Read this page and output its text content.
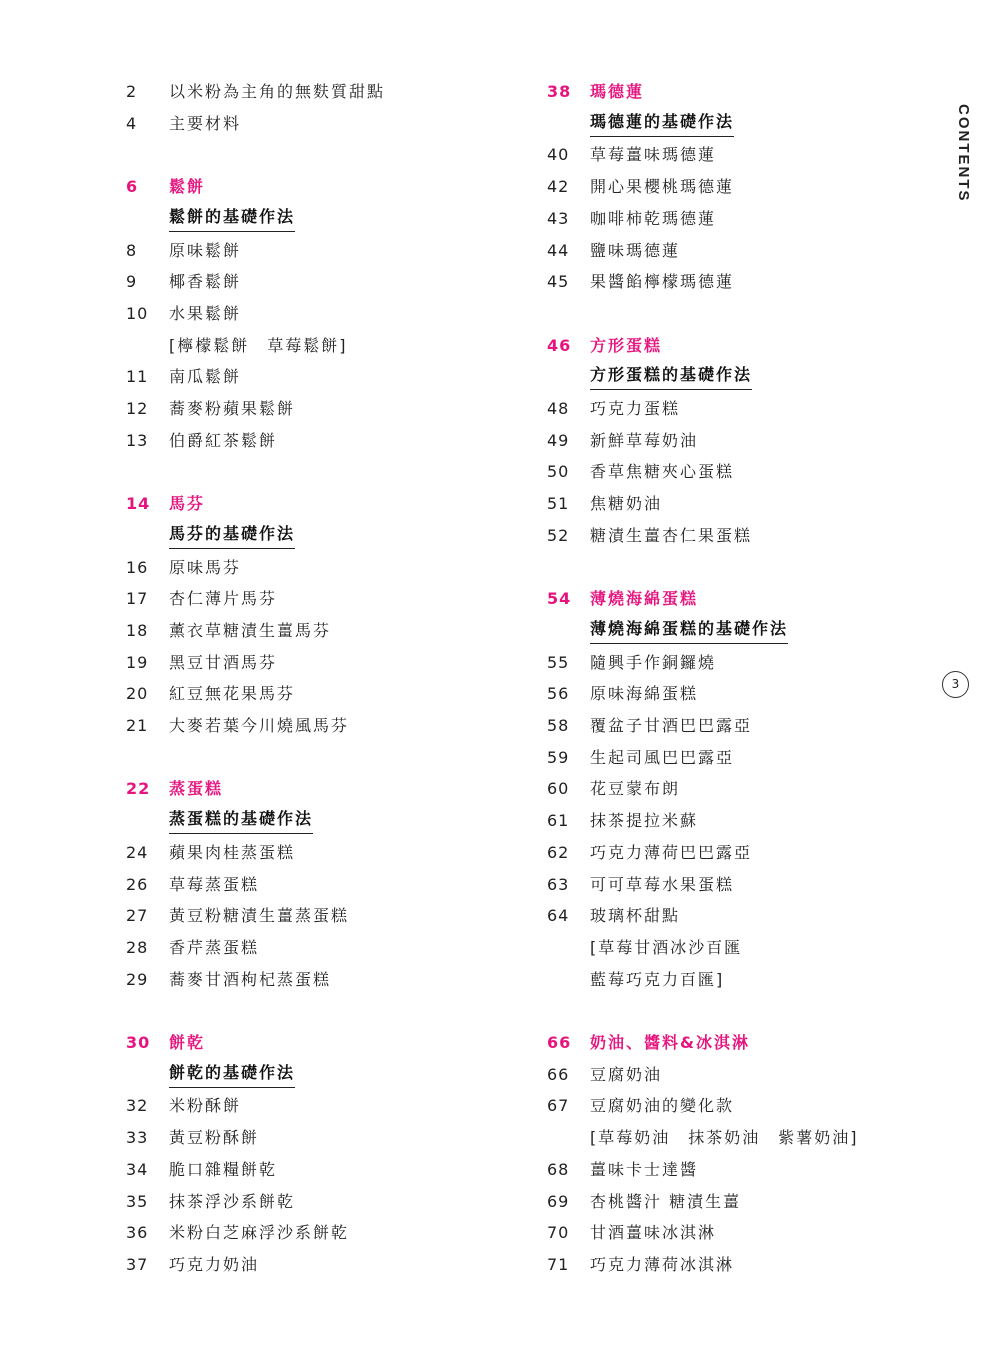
2	以米粉為主角的無麩質甜點
4	主要材料
6	鬆餅
鬆餅的基礎作法
8	原味鬆餅
9	椰香鬆餅
10	水果鬆餅
[檸檬鬆餅　草莓鬆餅]
11	南瓜鬆餅
12	蕎麥粉蘋果鬆餅
13	伯爵紅茶鬆餅
14	馬芬
馬芬的基礎作法
16	原味馬芬
17	杏仁薄片馬芬
18	薰衣草糖漬生薑馬芬
19	黑豆甘酒馬芬
20	紅豆無花果馬芬
21	大麥若葉今川燒風馬芬
22	蒸蛋糕
蒸蛋糕的基礎作法
24	蘋果肉桂蒸蛋糕
26	草莓蒸蛋糕
27	黃豆粉糖漬生薑蒸蛋糕
28	香芹蒸蛋糕
29	蕎麥甘酒枸杞蒸蛋糕
30	餅乾
餅乾的基礎作法
32	米粉酥餅
33	黃豆粉酥餅
34	脆口雜糧餅乾
35	抹茶浮沙系餅乾
36	米粉白芝麻浮沙系餅乾
37	巧克力奶油
38	瑪德蓮
瑪德蓮的基礎作法
40	草莓薑味瑪德蓮
42	開心果櫻桃瑪德蓮
43	咖啡柿乾瑪德蓮
44	鹽味瑪德蓮
45	果醬餡檸檬瑪德蓮
46	方形蛋糕
方形蛋糕的基礎作法
48	巧克力蛋糕
49	新鮮草莓奶油
50	香草焦糖夾心蛋糕
51	焦糖奶油
52	糖漬生薑杏仁果蛋糕
54	薄燒海綿蛋糕
薄燒海綿蛋糕的基礎作法
55	隨興手作銅鑼燒
56	原味海綿蛋糕
58	覆盆子甘酒巴巴露亞
59	生起司風巴巴露亞
60	花豆蒙布朗
61	抹茶提拉米蘇
62	巧克力薄荷巴巴露亞
63	可可草莓水果蛋糕
64	玻璃杯甜點
[草莓甘酒冰沙百匯
藍莓巧克力百匯]
66	奶油、醬料&冰淇淋
66	豆腐奶油
67	豆腐奶油的變化款
[草莓奶油　抹茶奶油　紫薯奶油]
68	薑味卡士達醬
69	杏桃醬汁 糖漬生薑
70	甘酒薑味冰淇淋
71	巧克力薄荷冰淇淋
CONTENTS
3
